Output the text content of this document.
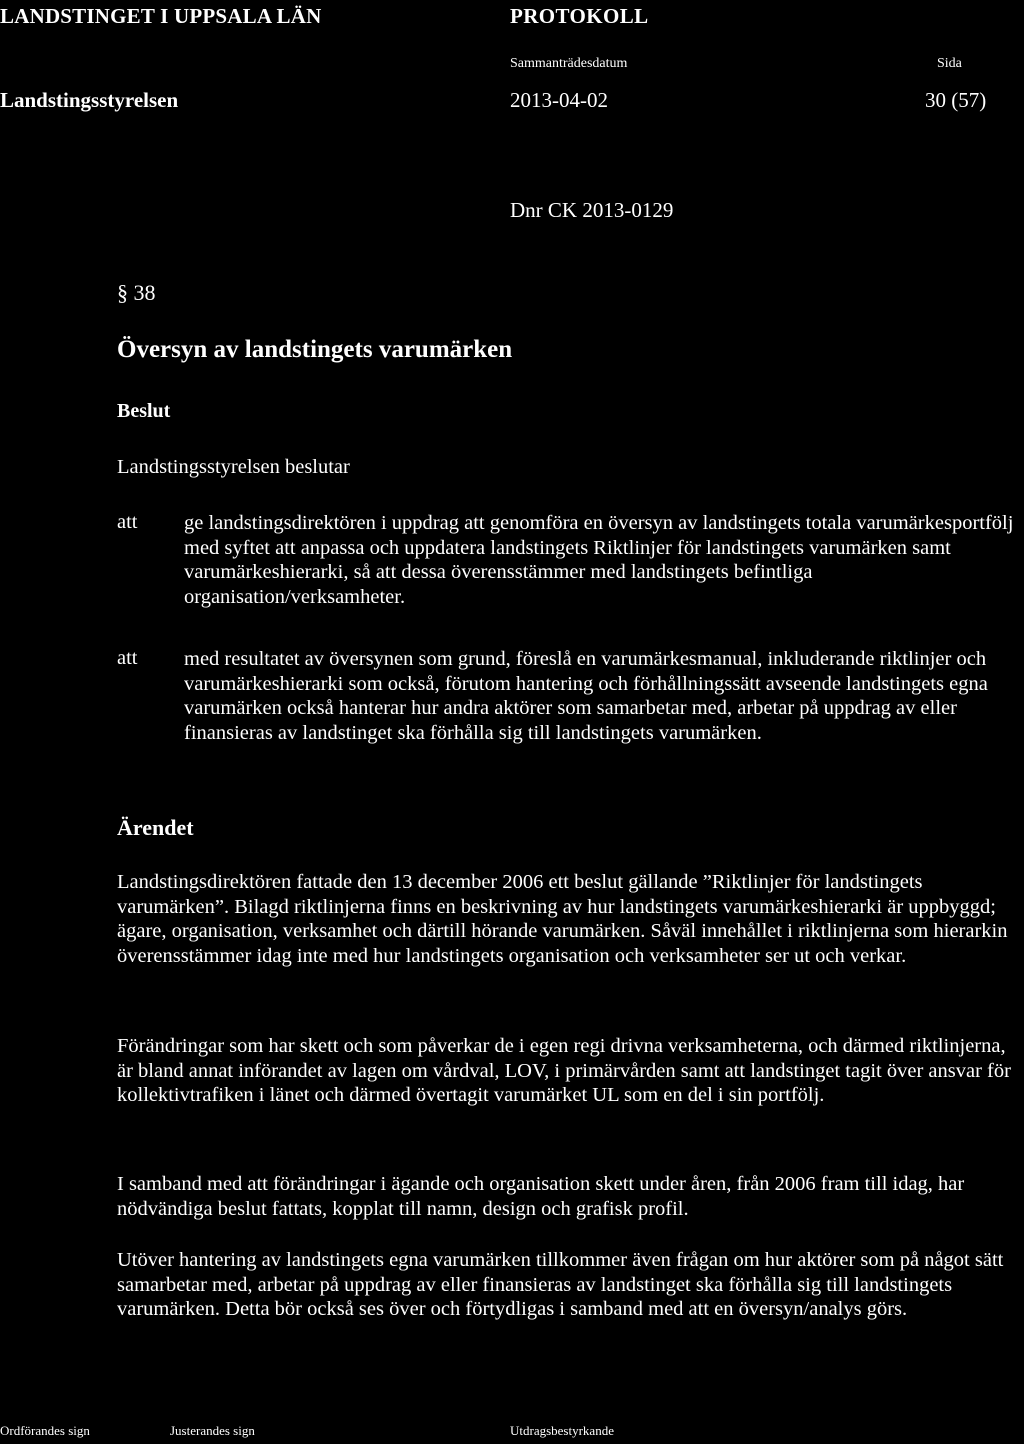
LANDSTINGET I UPPSALA LÄN	PROTOKOLL
Sammanträdesdatum	Sida
Landstingsstyrelsen	2013-04-02	30 (57)
Dnr CK 2013-0129
§ 38
Översyn av landstingets varumärken
Beslut
Landstingsstyrelsen beslutar
att ge landstingsdirektören i uppdrag att genomföra en översyn av landstingets totala varumärkesportfölj med syftet att anpassa och uppdatera landstingets Riktlinjer för landstingets varumärken samt varumärkeshierarki, så att dessa överensstämmer med landstingets befintliga organisation/verksamheter.
att med resultatet av översynen som grund, föreslå en varumärkesmanual, inkluderande riktlinjer och varumärkeshierarki som också, förutom hantering och förhållningssätt avseende landstingets egna varumärken också hanterar hur andra aktörer som samarbetar med, arbetar på uppdrag av eller finansieras av landstinget ska förhålla sig till landstingets varumärken.
Ärendet
Landstingsdirektören fattade den 13 december 2006 ett beslut gällande ”Riktlinjer för landstingets varumärken”. Bilagd riktlinjerna finns en beskrivning av hur landstingets varumärkeshierarki är uppbyggd; ägare, organisation, verksamhet och därtill hörande varumärken. Såväl innehållet i riktlinjerna som hierarkin överensstämmer idag inte med hur landstingets organisation och verksamheter ser ut och verkar.
Förändringar som har skett och som påverkar de i egen regi drivna verksamheterna, och därmed riktlinjerna, är bland annat införandet av lagen om vårdval, LOV, i primärvården samt att landstinget tagit över ansvar för kollektivtrafiken i länet och därmed övertagit varumärket UL som en del i sin portfölj.
I samband med att förändringar i ägande och organisation skett under åren, från 2006 fram till idag, har nödvändiga beslut fattats, kopplat till namn, design och grafisk profil.
Utöver hantering av landstingets egna varumärken tillkommer även frågan om hur aktörer som på något sätt samarbetar med, arbetar på uppdrag av eller finansieras av landstinget ska förhålla sig till landstingets varumärken. Detta bör också ses över och förtydligas i samband med att en översyn/analys görs.
Ordförandes sign	Justerandes sign	Utdragsbestyrkande
